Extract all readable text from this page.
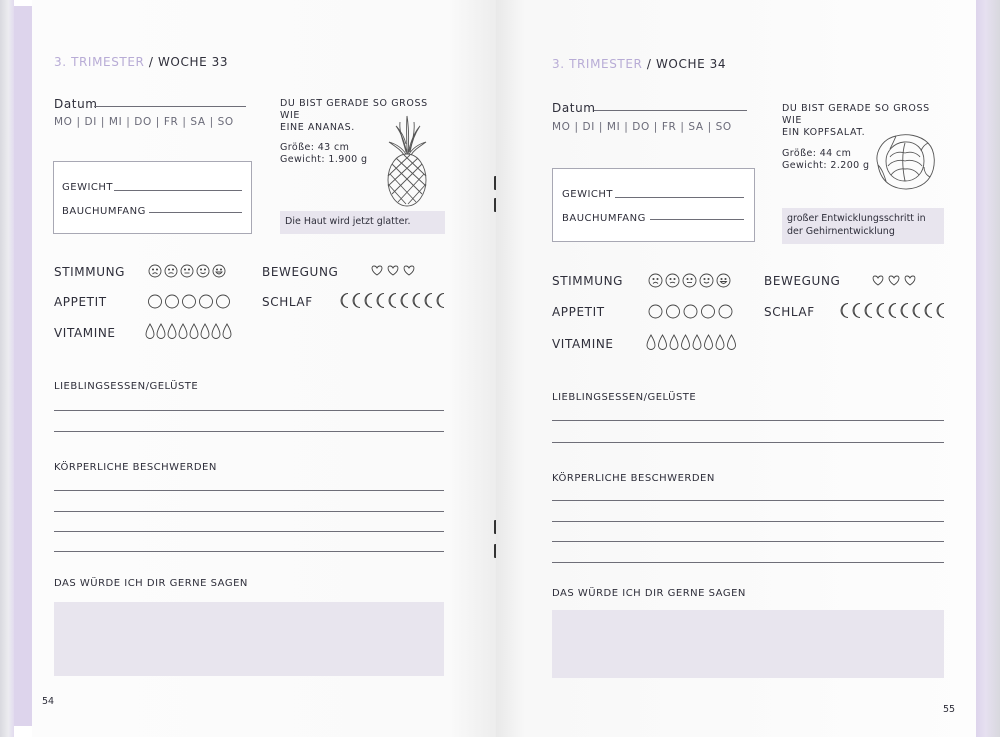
3. TRIMESTER / WOCHE 33
Datum
MO | DI | MI | DO | FR | SA | SO
GEWICHT
BAUCHUMFANG
DU BIST GERADE SO GROSS WIE
EINE ANANAS.
Größe: 43 cm
Gewicht: 1.900 g
Die Haut wird jetzt glatter.
STIMMUNG	BEWEGUNG
APPETIT	SCHLAF
VITAMINE
LIEBLINGSESSEN/GELÜSTE
KÖRPERLICHE BESCHWERDEN
DAS WÜRDE ICH DIR GERNE SAGEN
54
3. TRIMESTER / WOCHE 34
Datum
MO | DI | MI | DO | FR | SA | SO
GEWICHT
BAUCHUMFANG
DU BIST GERADE SO GROSS WIE
EIN KOPFSALAT.
Größe: 44 cm
Gewicht: 2.200 g
großer Entwicklungsschritt in
der Gehirnentwicklung
STIMMUNG	BEWEGUNG
APPETIT	SCHLAF
VITAMINE
LIEBLINGSESSEN/GELÜSTE
KÖRPERLICHE BESCHWERDEN
DAS WÜRDE ICH DIR GERNE SAGEN
55
